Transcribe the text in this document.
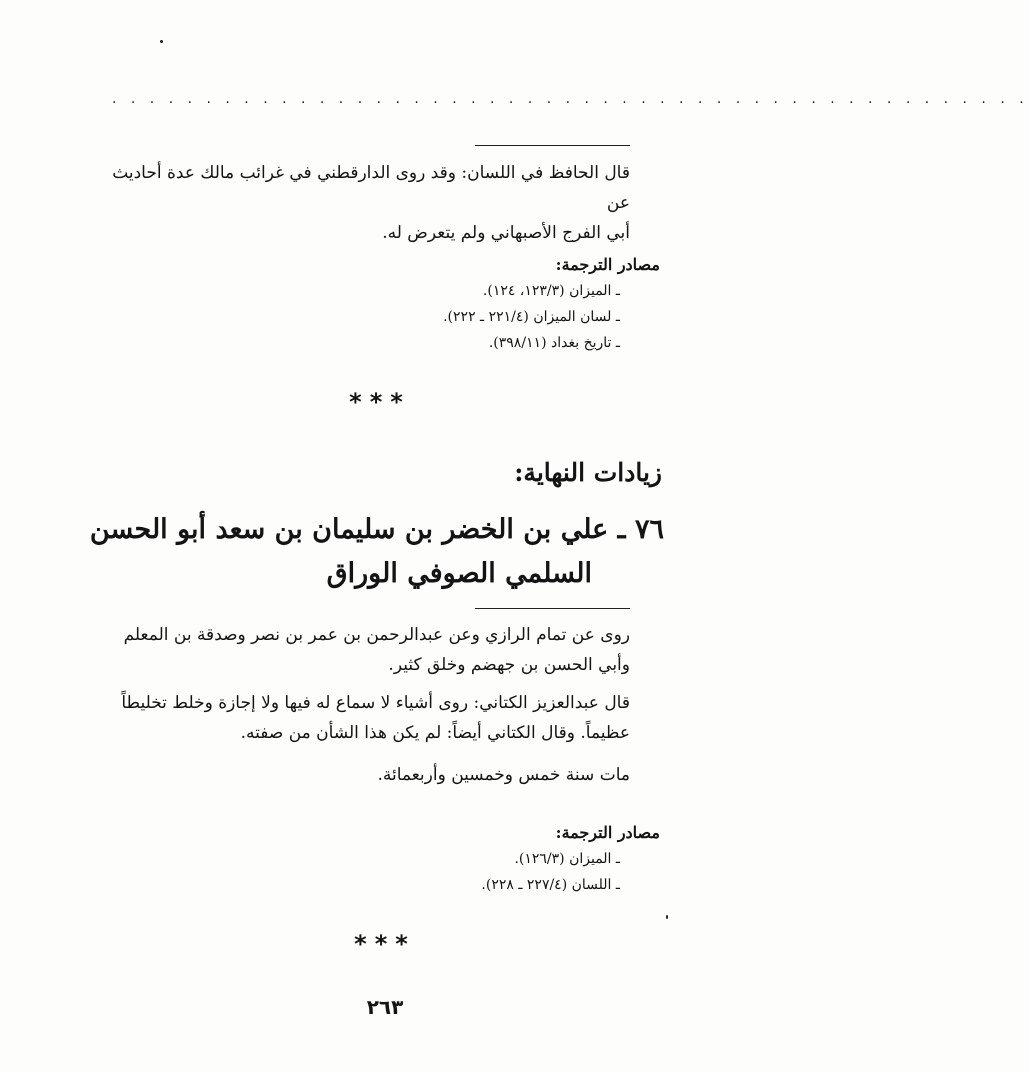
. . . . . . . . . . . . . . . . . . . . . . . . . . . . . . . . . . . . . . . . . . . . . . . . .
قال الحافظ في اللسان: وقد روى الدارقطني في غرائب مالك عدة أحاديث عن
أبي الفرج الأصبهاني ولم يتعرض له.
مصادر الترجمة:
ـ الميزان (١٢٣/٣، ١٢٤).
ـ لسان الميزان (٢٢١/٤ ـ ٢٢٢).
ـ تاريخ بغداد (٣٩٨/١١).
***
زيادات النهاية:
٧٦ ـ علي بن الخضر بن سليمان بن سعد أبو الحسن
السلمي الصوفي الوراق
روى عن تمام الرازي وعن عبدالرحمن بن عمر بن نصر وصدقة بن المعلم
وأبي الحسن بن جهضم وخلق كثير.
قال عبدالعزيز الكتاني: روى أشياء لا سماع له فيها ولا إجازة وخلط تخليطاً
عظيماً. وقال الكتاني أيضاً: لم يكن هذا الشأن من صفته.
مات سنة خمس وخمسين وأربعمائة.
مصادر الترجمة:
ـ الميزان (١٢٦/٣).
ـ اللسان (٢٢٧/٤ ـ ٢٢٨).
***
٢٦٣
